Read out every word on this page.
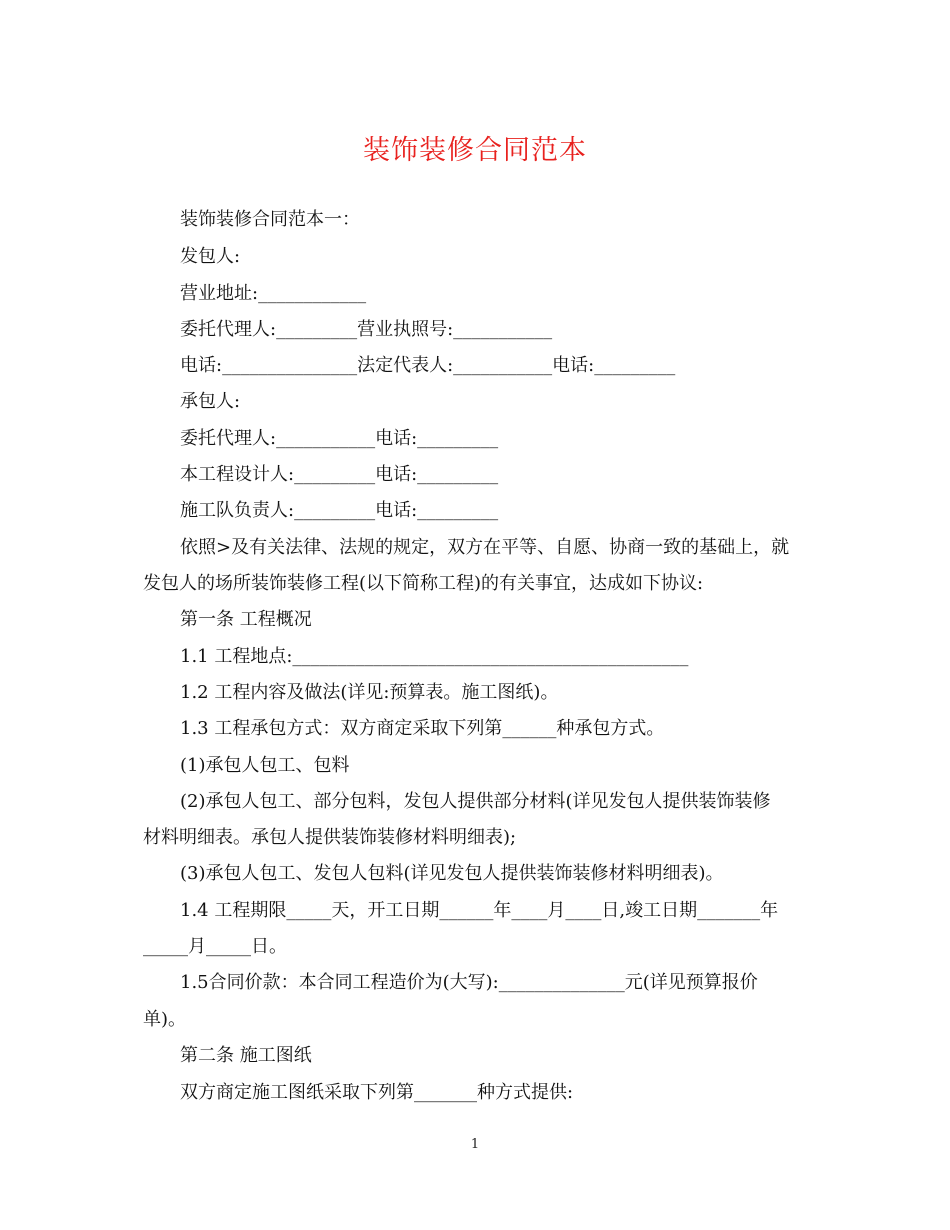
装饰装修合同范本
装饰装修合同范本一：
发包人:
营业地址:____________
委托代理人:_________营业执照号:___________
电话:_______________法定代表人:___________电话:_________
承包人:
委托代理人:___________电话:_________
本工程设计人:_________电话:_________
施工队负责人:_________电话:_________
依照>及有关法律、法规的规定，双方在平等、自愿、协商一致的基础上，就
发包人的场所装饰装修工程(以下简称工程)的有关事宜，达成如下协议:
第一条 工程概况
1.1 工程地点:____________________________________________
1.2 工程内容及做法(详见:预算表。施工图纸)。
1.3 工程承包方式：双方商定采取下列第______种承包方式。
(1)承包人包工、包料
(2)承包人包工、部分包料，发包人提供部分材料(详见发包人提供装饰装修
材料明细表。承包人提供装饰装修材料明细表);
(3)承包人包工、发包人包料(详见发包人提供装饰装修材料明细表)。
1.4 工程期限_____天，开工日期______年____月____日,竣工日期_______年
_____月_____日。
1.5合同价款：本合同工程造价为(大写):______________元(详见预算报价
单)。
第二条 施工图纸
双方商定施工图纸采取下列第_______种方式提供:
1
